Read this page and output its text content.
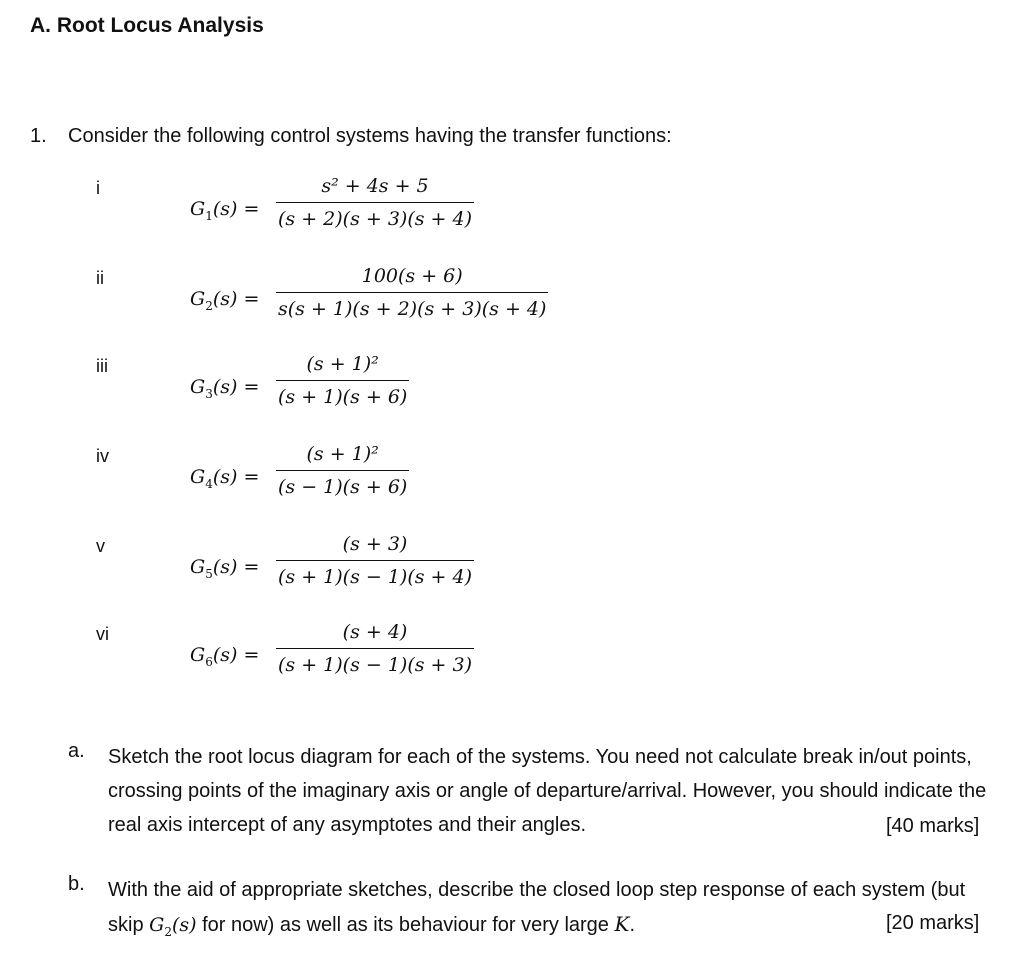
A. Root Locus Analysis
1. Consider the following control systems having the transfer functions:
i
$G_1(s)$ =
s² + 4s + 5
(s + 2)(s + 3)(s + 4)
ii
$G_2(s)$ =
100(s + 6)
s(s + 1)(s + 2)(s + 3)(s + 4)
iii
$G_3(s)$ =
(s + 1)²
(s + 1)(s + 6)
iv
$G_4(s)$ =
(s + 1)²
(s − 1)(s + 6)
v
$G_5(s)$ =
(s + 3)
(s + 1)(s − 1)(s + 4)
vi
$G_6(s)$ =
(s + 4)
(s + 1)(s − 1)(s + 3)
a. Sketch the root locus diagram for each of the systems. You need not calculate break in/out points, crossing points of the imaginary axis or angle of departure/arrival. However, you should indicate the real axis intercept of any asymptotes and their angles.	[40 marks]
b. With the aid of appropriate sketches, describe the closed loop step response of each system (but skip $G_2(s)$ for now) as well as its behaviour for very large K.	[20 marks]
